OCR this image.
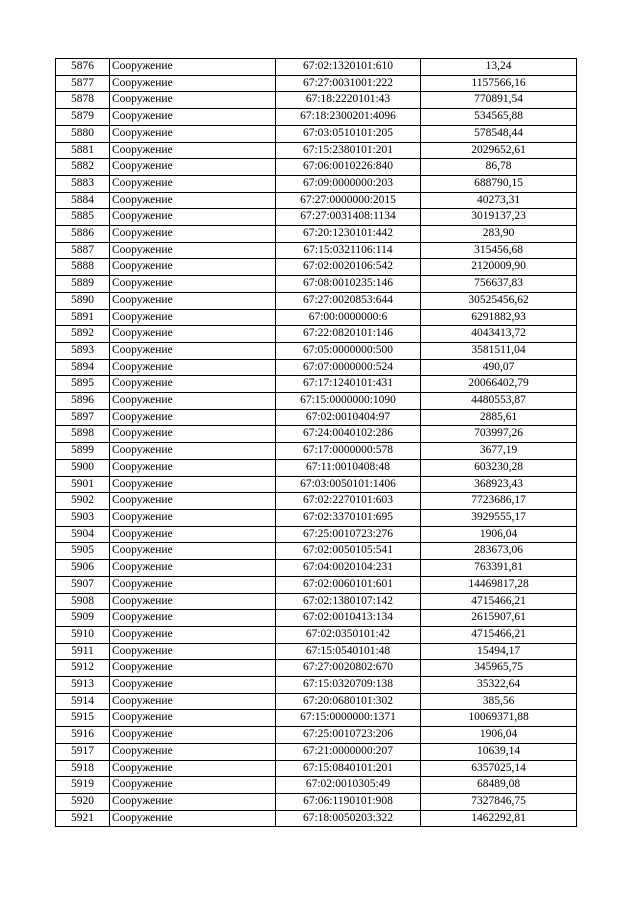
5876	Сооружение	67:02:1320101:610	13,24
5877	Сооружение	67:27:0031001:222	1157566,16
5878	Сооружение	67:18:2220101:43	770891,54
5879	Сооружение	67:18:2300201:4096	534565,88
5880	Сооружение	67:03:0510101:205	578548,44
5881	Сооружение	67:15:2380101:201	2029652,61
5882	Сооружение	67:06:0010226:840	86,78
5883	Сооружение	67:09:0000000:203	688790,15
5884	Сооружение	67:27:0000000:2015	40273,31
5885	Сооружение	67:27:0031408:1134	3019137,23
5886	Сооружение	67:20:1230101:442	283,90
5887	Сооружение	67:15:0321106:114	315456,68
5888	Сооружение	67:02:0020106:542	2120009,90
5889	Сооружение	67:08:0010235:146	756637,83
5890	Сооружение	67:27:0020853:644	30525456,62
5891	Сооружение	67:00:0000000:6	6291882,93
5892	Сооружение	67:22:0820101:146	4043413,72
5893	Сооружение	67:05:0000000:500	3581511,04
5894	Сооружение	67:07:0000000:524	490,07
5895	Сооружение	67:17:1240101:431	20066402,79
5896	Сооружение	67:15:0000000:1090	4480553,87
5897	Сооружение	67:02:0010404:97	2885,61
5898	Сооружение	67:24:0040102:286	703997,26
5899	Сооружение	67:17:0000000:578	3677,19
5900	Сооружение	67:11:0010408:48	603230,28
5901	Сооружение	67:03:0050101:1406	368923,43
5902	Сооружение	67:02:2270101:603	7723686,17
5903	Сооружение	67:02:3370101:695	3929555,17
5904	Сооружение	67:25:0010723:276	1906,04
5905	Сооружение	67:02:0050105:541	283673,06
5906	Сооружение	67:04:0020104:231	763391,81
5907	Сооружение	67:02:0060101:601	14469817,28
5908	Сооружение	67:02:1380107:142	4715466,21
5909	Сооружение	67:02:0010413:134	2615907,61
5910	Сооружение	67:02:0350101:42	4715466,21
5911	Сооружение	67:15:0540101:48	15494,17
5912	Сооружение	67:27:0020802:670	345965,75
5913	Сооружение	67:15:0320709:138	35322,64
5914	Сооружение	67:20:0680101:302	385,56
5915	Сооружение	67:15:0000000:1371	10069371,88
5916	Сооружение	67:25:0010723:206	1906,04
5917	Сооружение	67:21:0000000:207	10639,14
5918	Сооружение	67:15:0840101:201	6357025,14
5919	Сооружение	67:02:0010305:49	68489,08
5920	Сооружение	67:06:1190101:908	7327846,75
5921	Сооружение	67:18:0050203:322	1462292,81
